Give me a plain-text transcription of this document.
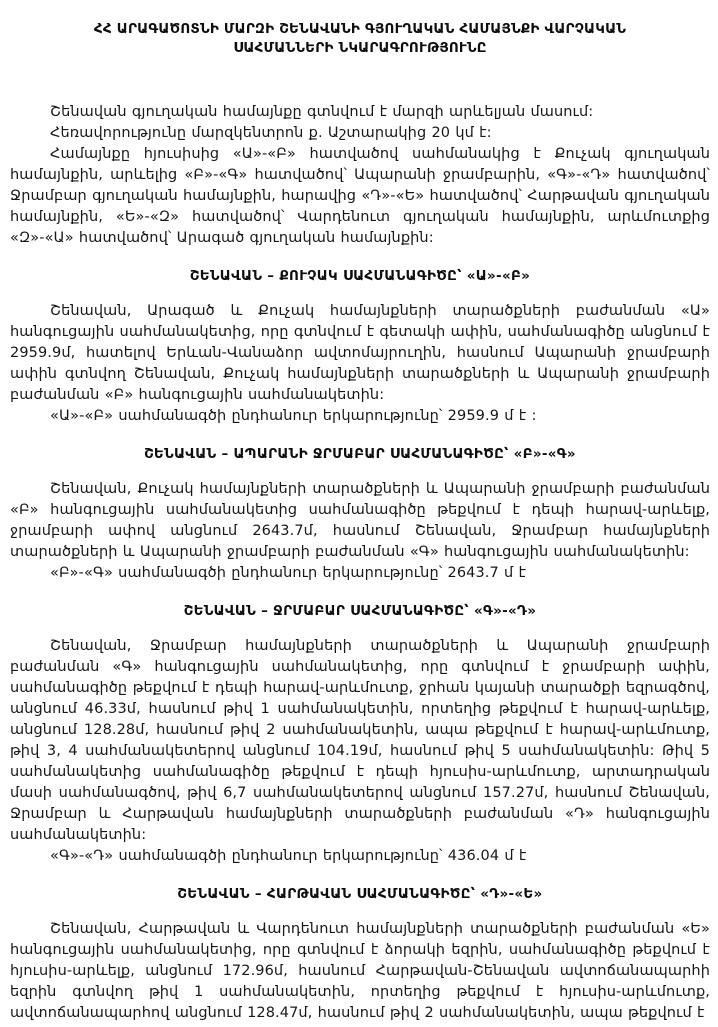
ՀՀ ԱՐԱԳԱԾՈՏՆԻ ՄԱՐԶԻ ՇԵՆԱՎԱՆԻ ԳՅՈՒՂԱԿԱՆ ՀԱՄԱՅՆՔԻ ՎԱՐՉԱԿԱՆ
ՍԱՀՄԱՆՆԵՐԻ ՆԿԱՐԱԳՐՈՒԹՅՈՒՆԸ

Շենավան գյուղական համայնքը գտնվում է մարզի արևելյան մասում:

Հեռավորությունը մարզկենտրոն ք. Աշտարակից 20 կմ է:

Համայնքը հյուսիսից «Ա»-«Բ» հատվածով սահմանակից է Քուչակ գյուղական համայնքին, արևելից «Բ»-«Գ» հատվածով՝ Ապարանի ջրամբարին, «Գ»-«Դ» հատվածով՝ Ջրամբար գյուղական համայնքին, հարավից «Դ»-«Ե» հատվածով՝ Հարթավան գյուղական համայնքին, «Ե»-«Զ» հատվածով՝ Վարդենուտ գյուղական համայնքին, արևմուտքից «Զ»-«Ա» հատվածով՝ Արագած գյուղական համայնքին:

ՇԵՆԱՎԱՆ – ՔՈՒՉԱԿ ՍԱՀՄԱՆԱԳԻԾԸ՝ «Ա»-«Բ»

Շենավան, Արագած և Քուչակ համայնքների տարածքների բաժանման «Ա» հանգուցային սահմանակետից, որը գտնվում է գետակի ափին, սահմանագիծը անցնում է 2959.9մ, հատելով Երևան-Վանաձոր ավտոմայրուղին, հասնում Ապարանի ջրամբարի ափին գտնվող Շենավան, Քուչակ համայնքների տարածքների և Ապարանի ջրամբարի բաժանման «Բ» հանգուցային սահմանակետին:

«Ա»-«Բ» սահմանագծի ընդհանուր երկարությունը՝ 2959.9 մ է :

ՇԵՆԱՎԱՆ – ԱՊԱՐԱՆԻ ՋՐՄԱԲԱՐ ՍԱՀՄԱՆԱԳԻԾԸ՝ «Բ»-«Գ»

Շենավան, Քուչակ համայնքների տարածքների և Ապարանի ջրամբարի բաժանման «Բ» հանգուցային սահմանակետից սահմանագիծը թեքվում է դեպի հարավ-արևելք, ջրամբարի ափով անցնում 2643.7մ, հասնում Շենավան, Ջրամբար համայնքների տարածքների և Ապարանի ջրամբարի բաժանման «Գ» հանգուցային սահմանակետին:

«Բ»-«Գ» սահմանագծի ընդհանուր երկարությունը՝ 2643.7 մ է

ՇԵՆԱՎԱՆ – ՋՐՄԱԲԱՐ ՍԱՀՄԱՆԱԳԻԾԸ՝ «Գ»-«Դ»

Շենավան, Ջրամբար համայնքների տարածքների և Ապարանի ջրամբարի բաժանման «Գ» հանգուցային սահմանակետից, որը գտնվում է ջրամբարի ափին, սահմանագիծը թեքվում է դեպի հարավ-արևմուտք, ջրհան կայանի տարածքի եզրագծով, անցնում 46.33մ, հասնում թիվ 1 սահմանակետին, որտեղից թեքվում է հարավ-արևելք, անցնում 128.28մ, հասնում թիվ 2 սահմանակետին, ապա թեքվում է հարավ-արևմուտք, թիվ 3, 4 սահմանակետերով անցնում 104.19մ, հասնում թիվ 5 սահմանակետին: Թիվ 5 սահմանակետից սահմանագիծը թեքվում է դեպի հյուսիս-արևմուտք, արտադրական մասի սահմանագծով, թիվ 6,7 սահմանակետերով անցնում 157.27մ, հասնում Շենավան, Ջրամբար և Հարթավան համայնքների տարածքների բաժանման «Դ» հանգուցային սահմանակետին:

«Գ»-«Դ» սահմանագծի ընդհանուր երկարությունը՝ 436.04 մ է

ՇԵՆԱՎԱՆ – ՀԱՐԹԱՎԱՆ ՍԱՀՄԱՆԱԳԻԾԸ՝ «Դ»-«Ե»

Շենավան, Հարթավան և Վարդենուտ համայնքների տարածքների բաժանման «Ե» հանգուցային սահմանակետից, որը գտնվում է ձորակի եզրին, սահմանագիծը թեքվում է հյուսիս-արևելք, անցնում 172.96մ, հասնում Հարթավան-Շենավան ավտոճանապարհի եզրին գտնվող թիվ 1 սահմանակետին, որտեղից թեքվում է հյուսիս-արևմուտք, ավտոճանապարհով անցնում 128.47մ, հասնում թիվ 2 սահմանակետին, ապա թեքվում է
